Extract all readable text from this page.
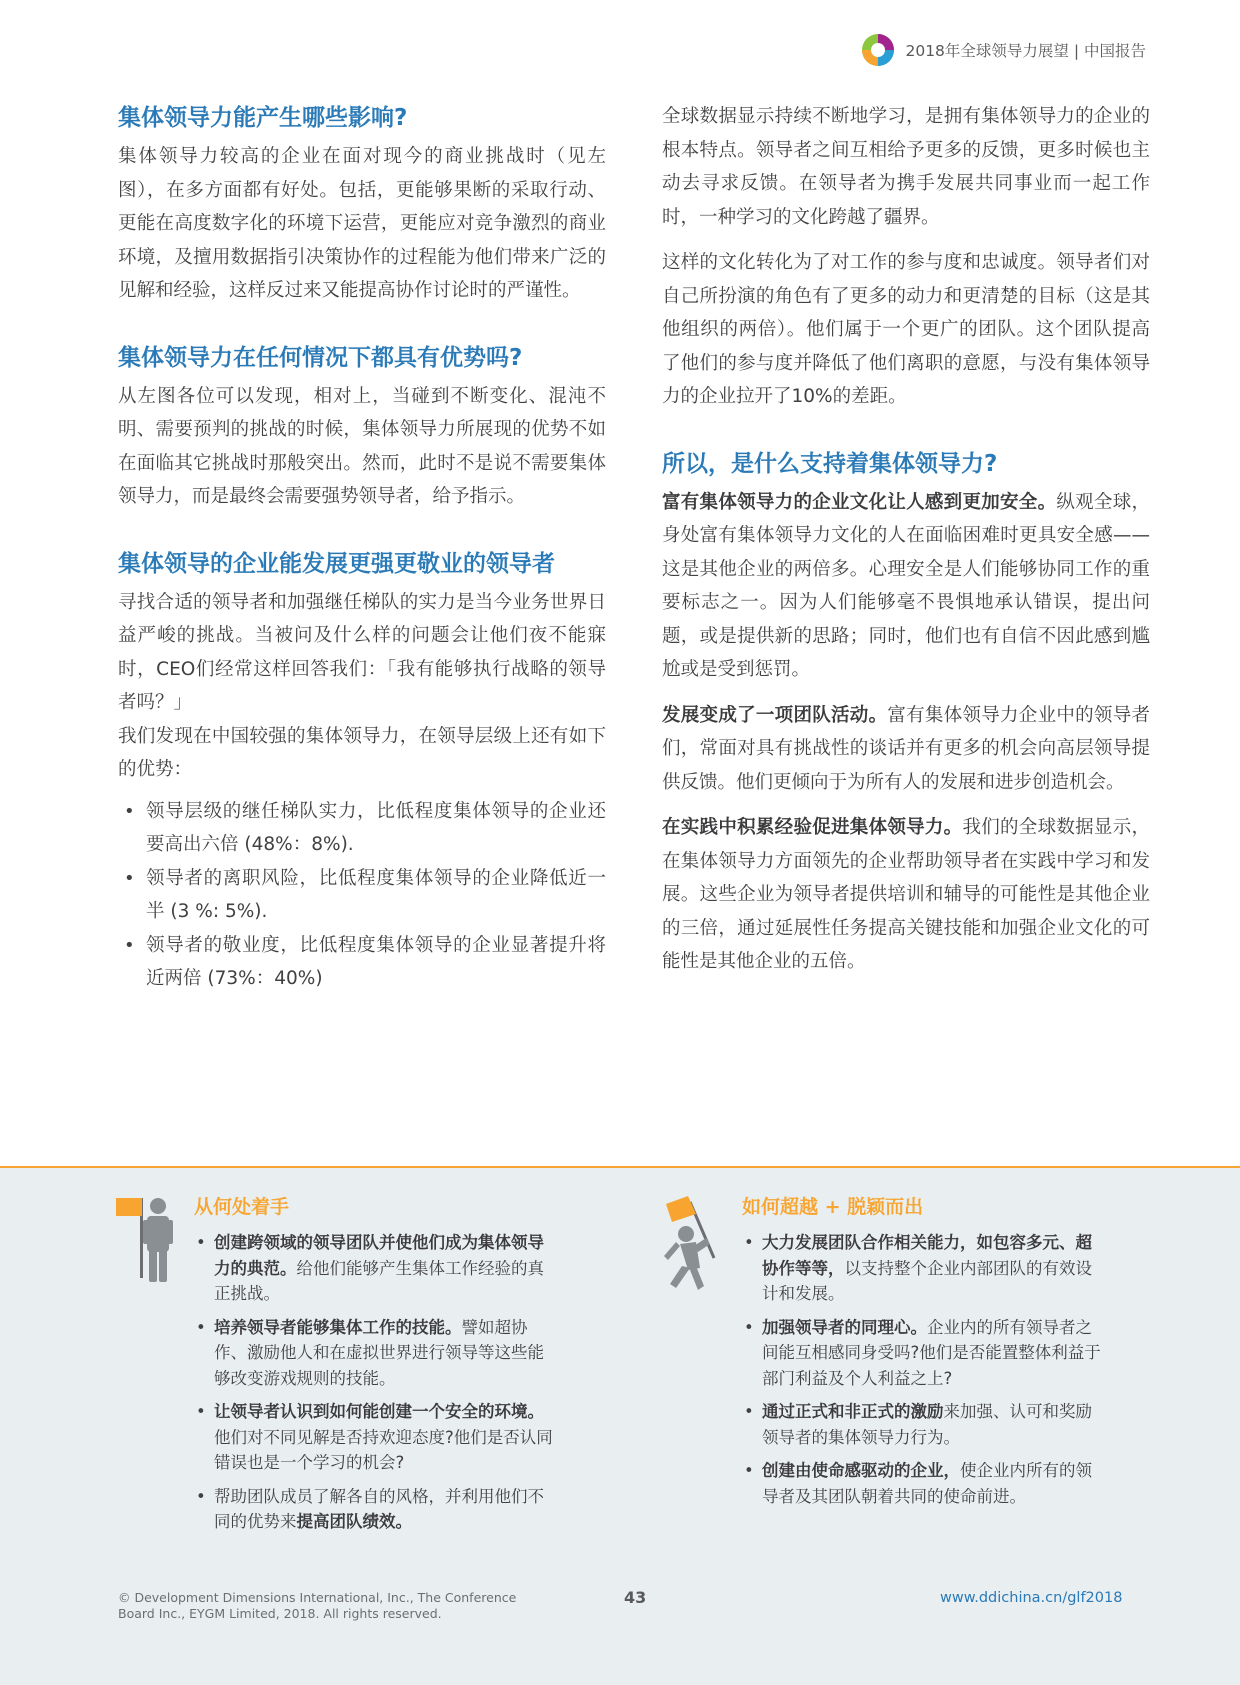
2018年全球领导力展望 | 中国报告
集体领导力能产生哪些影响?

集体领导力较高的企业在面对现今的商业挑战时（见左图），在多方面都有好处。包括，更能够果断的采取行动、更能在高度数字化的环境下运营，更能应对竞争激烈的商业环境，及擅用数据指引决策协作的过程能为他们带来广泛的见解和经验，这样反过来又能提高协作讨论时的严谨性。

集体领导力在任何情况下都具有优势吗?

从左图各位可以发现，相对上，当碰到不断变化、混沌不明、需要预判的挑战的时候，集体领导力所展现的优势不如在面临其它挑战时那般突出。然而，此时不是说不需要集体领导力，而是最终会需要强势领导者，给予指示。

集体领导的企业能发展更强更敬业的领导者

寻找合适的领导者和加强继任梯队的实力是当今业务世界日益严峻的挑战。当被问及什么样的问题会让他们夜不能寐时，CEO们经常这样回答我们：「我有能够执行战略的领导者吗？」

我们发现在中国较强的集体领导力，在领导层级上还有如下的优势：

• 领导层级的继任梯队实力，比低程度集体领导的企业还要高出六倍 (48%：8%).
• 领导者的离职风险，比低程度集体领导的企业降低近一半 (3 %: 5%).
• 领导者的敬业度，比低程度集体领导的企业显著提升将近两倍 (73%：40%)

全球数据显示持续不断地学习，是拥有集体领导力的企业的根本特点。领导者之间互相给予更多的反馈，更多时候也主动去寻求反馈。在领导者为携手发展共同事业而一起工作时，一种学习的文化跨越了疆界。

这样的文化转化为了对工作的参与度和忠诚度。领导者们对自己所扮演的角色有了更多的动力和更清楚的目标（这是其他组织的两倍）。他们属于一个更广的团队。这个团队提高了他们的参与度并降低了他们离职的意愿，与没有集体领导力的企业拉开了10%的差距。

所以，是什么支持着集体领导力?

富有集体领导力的企业文化让人感到更加安全。纵观全球，身处富有集体领导力文化的人在面临困难时更具安全感——这是其他企业的两倍多。心理安全是人们能够协同工作的重要标志之一。因为人们能够毫不畏惧地承认错误，提出问题，或是提供新的思路；同时，他们也有自信不因此感到尴尬或是受到惩罚。

发展变成了一项团队活动。富有集体领导力企业中的领导者们，常面对具有挑战性的谈话并有更多的机会向高层领导提供反馈。他们更倾向于为所有人的发展和进步创造机会。

在实践中积累经验促进集体领导力。我们的全球数据显示，在集体领导力方面领先的企业帮助领导者在实践中学习和发展。这些企业为领导者提供培训和辅导的可能性是其他企业的三倍，通过延展性任务提高关键技能和加强企业文化的可能性是其他企业的五倍。

从何处着手
• 创建跨领域的领导团队并使他们成为集体领导力的典范。给他们能够产生集体工作经验的真正挑战。
• 培养领导者能够集体工作的技能。譬如超协作、激励他人和在虚拟世界进行领导等这些能够改变游戏规则的技能。
• 让领导者认识到如何能创建一个安全的环境。他们对不同见解是否持欢迎态度?他们是否认同错误也是一个学习的机会?
• 帮助团队成员了解各自的风格，并利用他们不同的优势来提高团队绩效。
如何超越 + 脱颖而出
• 大力发展团队合作相关能力，如包容多元、超协作等等，以支持整个企业内部团队的有效设计和发展。
• 加强领导者的同理心。企业内的所有领导者之间能互相感同身受吗?他们是否能置整体利益于部门利益及个人利益之上?
• 通过正式和非正式的激励来加强、认可和奖励领导者的集体领导力行为。
• 创建由使命感驱动的企业，使企业内所有的领导者及其团队朝着共同的使命前进。
© Development Dimensions International, Inc., The Conference Board Inc., EYGM Limited, 2018. All rights reserved.
43	www.ddichina.cn/glf2018
